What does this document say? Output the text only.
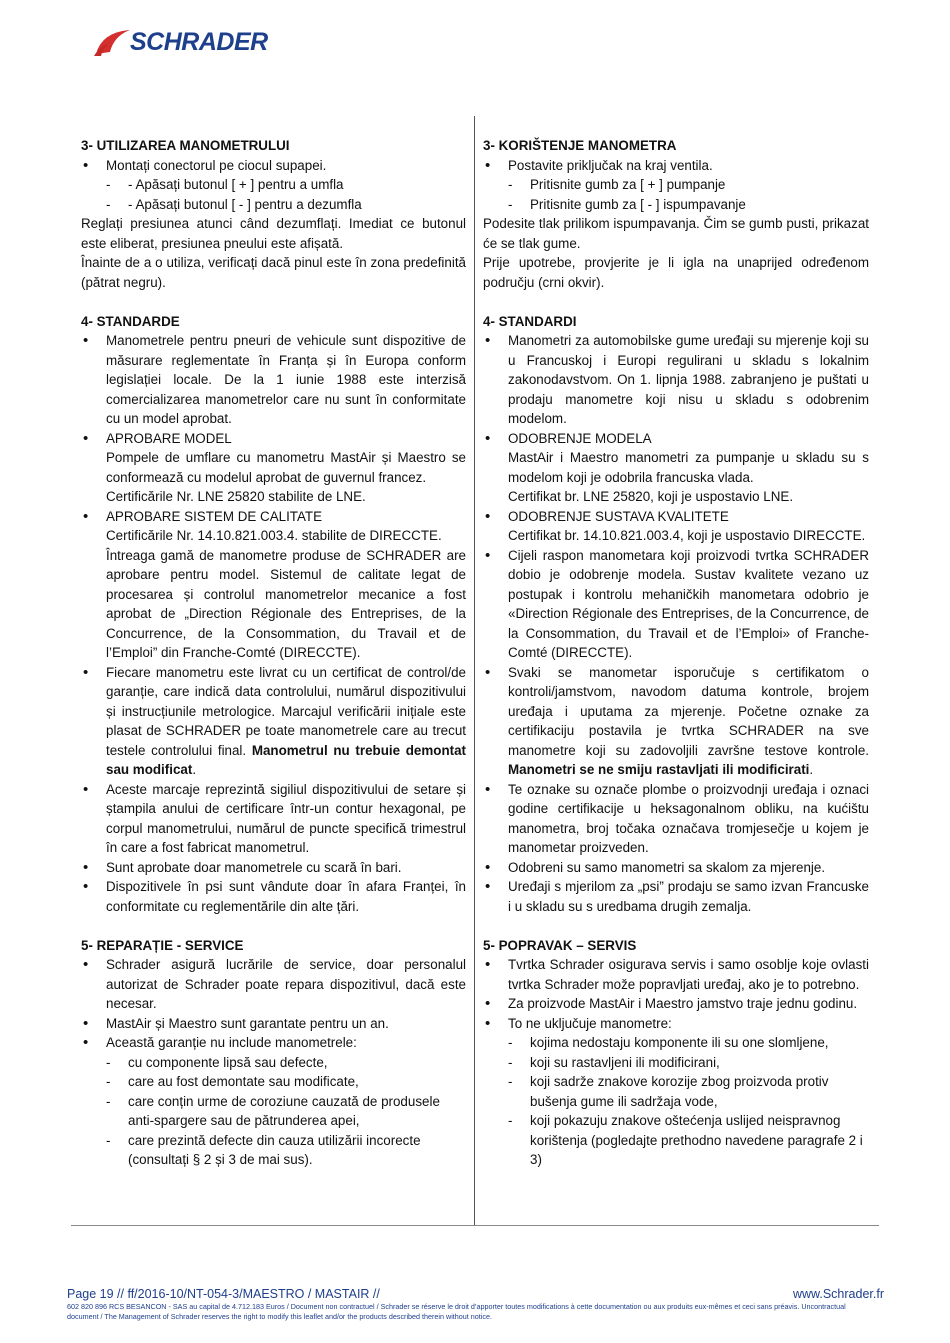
SCHRADER

3- UTILIZAREA MANOMETRULUI

• Montați conectorul pe ciocul supapei.
- - Apăsați butonul [ + ] pentru a umfla
- - Apăsați butonul [ - ] pentru a dezumfla

Reglați presiunea atunci când dezumflați. Imediat ce butonul este eliberat, presiunea pneului este afișată.

Înainte de a o utiliza, verificați dacă pinul este în zona predefinită (pătrat negru).

4- STANDARDE

• Manometrele pentru pneuri de vehicule sunt dispozitive de măsurare reglementate în Franța și în Europa conform legislației locale. De la 1 iunie 1988 este interzisă comercializarea manometrelor care nu sunt în conformitate cu un model aprobat.
• APROBARE MODEL
Pompele de umflare cu manometru MastAir și Maestro se conformează cu modelul aprobat de guvernul francez.
Certificările Nr. LNE 25820 stabilite de LNE.
• APROBARE SISTEM DE CALITATE
Certificările Nr. 14.10.821.003.4. stabilite de DIRECCTE.
Întreaga gamă de manometre produse de SCHRADER are aprobare pentru model. Sistemul de calitate legat de procesarea și controlul manometrelor mecanice a fost aprobat de „Direction Régionale des Entreprises, de la Concurrence, de la Consommation, du Travail et de l’Emploi” din Franche-Comté (DIRECCTE).
• Fiecare manometru este livrat cu un certificat de control/de garanție, care indică data controlului, numărul dispozitivului și instrucțiunile metrologice. Marcajul verificării inițiale este plasat de SCHRADER pe toate manometrele care au trecut testele controlului final. Manometrul nu trebuie demontat sau modificat.
• Aceste marcaje reprezintă sigiliul dispozitivului de setare și ștampila anului de certificare într-un contur hexagonal, pe corpul manometrului, numărul de puncte specifică trimestrul în care a fost fabricat manometrul.
• Sunt aprobate doar manometrele cu scară în bari.
• Dispozitivele în psi sunt vândute doar în afara Franței, în conformitate cu reglementările din alte țări.

5- REPARAȚIE - SERVICE

• Schrader asigură lucrările de service, doar personalul autorizat de Schrader poate repara dispozitivul, dacă este necesar.
• MastAir și Maestro sunt garantate pentru un an.
• Această garanție nu include manometrele:
- cu componente lipsă sau defecte,
- care au fost demontate sau modificate,
- care conțin urme de coroziune cauzată de produsele anti-spargere sau de pătrunderea apei,
- care prezintă defecte din cauza utilizării incorecte (consultați § 2 și 3 de mai sus).

3- KORIŠTENJE MANOMETRA

• Postavite priključak na kraj ventila.
- Pritisnite gumb za [ + ] pumpanje
- Pritisnite gumb za [ - ] ispumpavanje

Podesite tlak prilikom ispumpavanja. Čim se gumb pusti, prikazat će se tlak gume.

Prije upotrebe, provjerite je li igla na unaprijed određenom području (crni okvir).

4- STANDARDI

• Manometri za automobilske gume uređaji su mjerenje koji su u Francuskoj i Europi regulirani u skladu s lokalnim zakonodavstvom. On 1. lipnja 1988. zabranjeno je puštati u prodaju manometre koji nisu u skladu s odobrenim modelom.
• ODOBRENJE MODELA
MastAir i Maestro manometri za pumpanje u skladu su s modelom koji je odobrila francuska vlada.
Certifikat br. LNE 25820, koji je uspostavio LNE.
• ODOBRENJE SUSTAVA KVALITETE
Certifikat br. 14.10.821.003.4, koji je uspostavio DIRECCTE.
• Cijeli raspon manometara koji proizvodi tvrtka SCHRADER dobio je odobrenje modela. Sustav kvalitete vezano uz postupak i kontrolu mehaničkih manometara odobrio je «Direction Régionale des Entreprises, de la Concurrence, de la Consommation, du Travail et de l’Emploi» of Franche- Comté (DIRECCTE).
• Svaki se manometar isporučuje s certifikatom o kontroli/jamstvom, navodom datuma kontrole, brojem uređaja i uputama za mjerenje. Početne oznake za certifikaciju postavila je tvrtka SCHRADER na sve manometre koji su zadovoljili završne testove kontrole. Manometri se ne smiju rastavljati ili modificirati.
• Te oznake su označe plombe o proizvodnji uređaja i oznaci godine certifikacije u heksagonalnom obliku, na kućištu manometra, broj točaka označava tromjesečje u kojem je manometar proizveden.
• Odobreni su samo manometri sa skalom za mjerenje.
• Uređaji s mjerilom za „psi” prodaju se samo izvan Francuske i u skladu su s uredbama drugih zemalja.

5- POPRAVAK – SERVIS

• Tvrtka Schrader osigurava servis i samo osoblje koje ovlasti tvrtka Schrader može popravljati uređaj, ako je to potrebno.
• Za proizvode MastAir i Maestro jamstvo traje jednu godinu.
• To ne uključuje manometre:
- kojima nedostaju komponente ili su one slomljene,
- koji su rastavljeni ili modificirani,
- koji sadrže znakove korozije zbog proizvoda protiv bušenja gume ili sadržaja vode,
- koji pokazuju znakove oštećenja uslijed neispravnog korištenja (pogledajte prethodno navedene paragrafe 2 i 3)
Page 19 // ff/2016-10/NT-054-3/MAESTRO / MASTAIR //	www.Schrader.fr
602 820 896 RCS BESANCON - SAS au capital de 4.712.183 Euros / Document non contractuel / Schrader se réserve le droit d’apporter toutes modifications à cette documentation ou aux produits eux-mêmes et ceci sans préavis. Uncontractual document / The Management of Schrader reserves the right to modify this leaflet and/or the products described therein without notice.
